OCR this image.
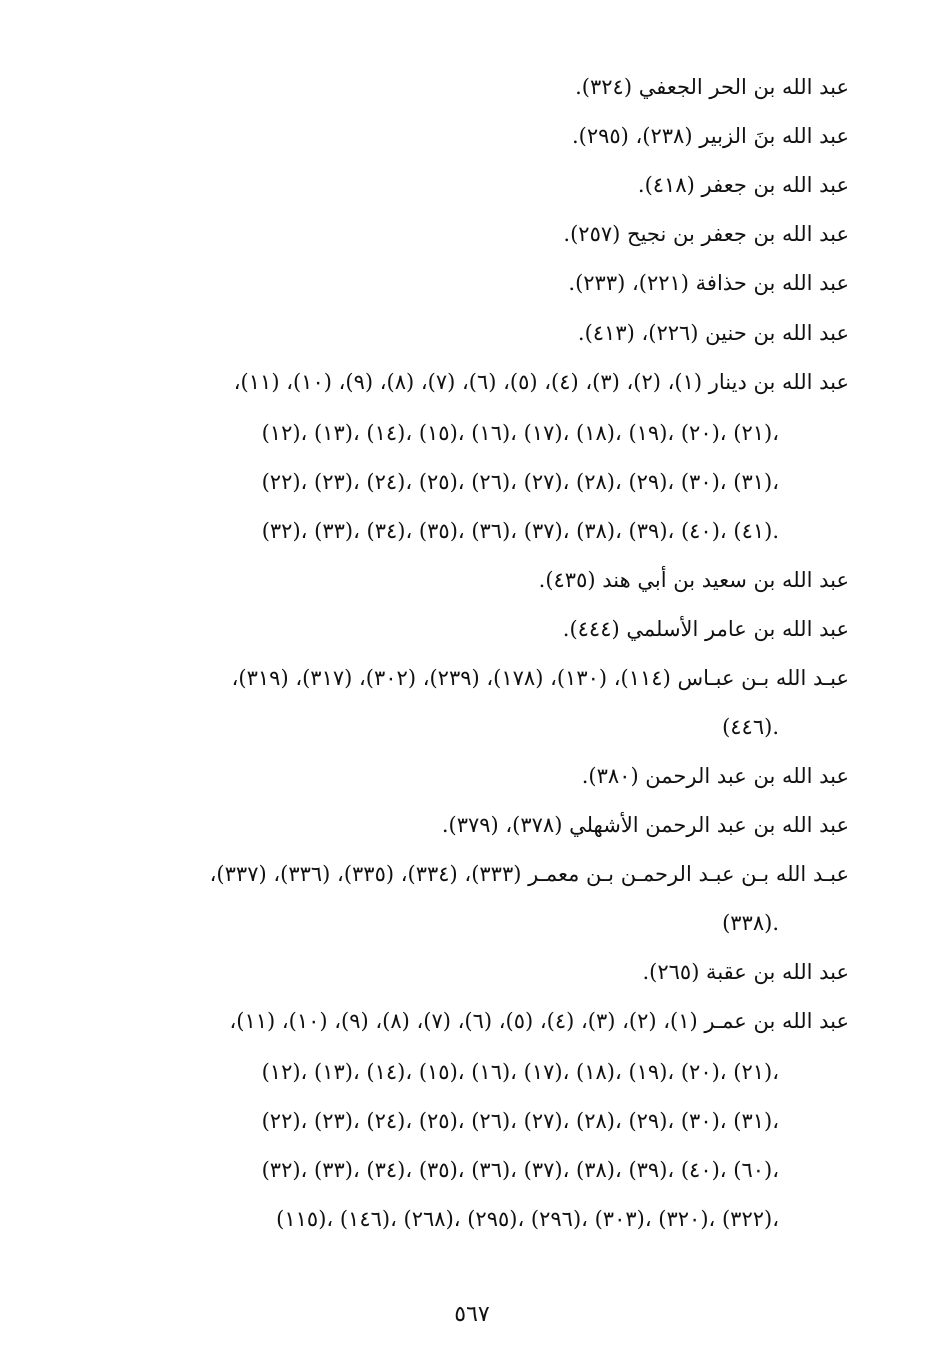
عبد الله بن الحر الجعفي (٣٢٤).
عبد الله بنَ الزبير (٢٣٨)، (٢٩٥).
عبد الله بن جعفر (٤١٨).
عبد الله بن جعفر بن نجيح (٢٥٧).
عبد الله بن حذافة (٢٢١)، (٢٣٣).
عبد الله بن حنين (٢٢٦)، (٤١٣).
عبد الله بن دينار (١)، (٢)، (٣)، (٤)، (٥)، (٦)، (٧)، (٨)، (٩)، (١٠)، (١١)،
(١٢)، (١٣)، (١٤)، (١٥)، (١٦)، (١٧)، (١٨)، (١٩)، (٢٠)، (٢١)،
(٢٢)، (٢٣)، (٢٤)، (٢٥)، (٢٦)، (٢٧)، (٢٨)، (٢٩)، (٣٠)، (٣١)،
(٣٢)، (٣٣)، (٣٤)، (٣٥)، (٣٦)، (٣٧)، (٣٨)، (٣٩)، (٤٠)، (٤١).
عبد الله بن سعيد بن أبي هند (٤٣٥).
عبد الله بن عامر الأسلمي (٤٤٤).
عبـد الله بـن عبـاس (١١٤)، (١٣٠)، (١٧٨)، (٢٣٩)، (٣٠٢)، (٣١٧)، (٣١٩)،
(٤٤٦).
عبد الله بن عبد الرحمن (٣٨٠).
عبد الله بن عبد الرحمن الأشهلي (٣٧٨)، (٣٧٩).
عبـد الله بـن عبـد الرحمـن بـن معمـر (٣٣٣)، (٣٣٤)، (٣٣٥)، (٣٣٦)، (٣٣٧)،
(٣٣٨).
عبد الله بن عقبة (٢٦٥).
عبد الله بن عمـر (١)، (٢)، (٣)، (٤)، (٥)، (٦)، (٧)، (٨)، (٩)، (١٠)، (١١)،
(١٢)، (١٣)، (١٤)، (١٥)، (١٦)، (١٧)، (١٨)، (١٩)، (٢٠)، (٢١)،
(٢٢)، (٢٣)، (٢٤)، (٢٥)، (٢٦)، (٢٧)، (٢٨)، (٢٩)، (٣٠)، (٣١)،
(٣٢)، (٣٣)، (٣٤)، (٣٥)، (٣٦)، (٣٧)، (٣٨)، (٣٩)، (٤٠)، (٦٠)،
(١١٥)، (١٤٦)، (٢٦٨)، (٢٩٥)، (٢٩٦)، (٣٠٣)، (٣٢٠)، (٣٢٢)،
٥٦٧
